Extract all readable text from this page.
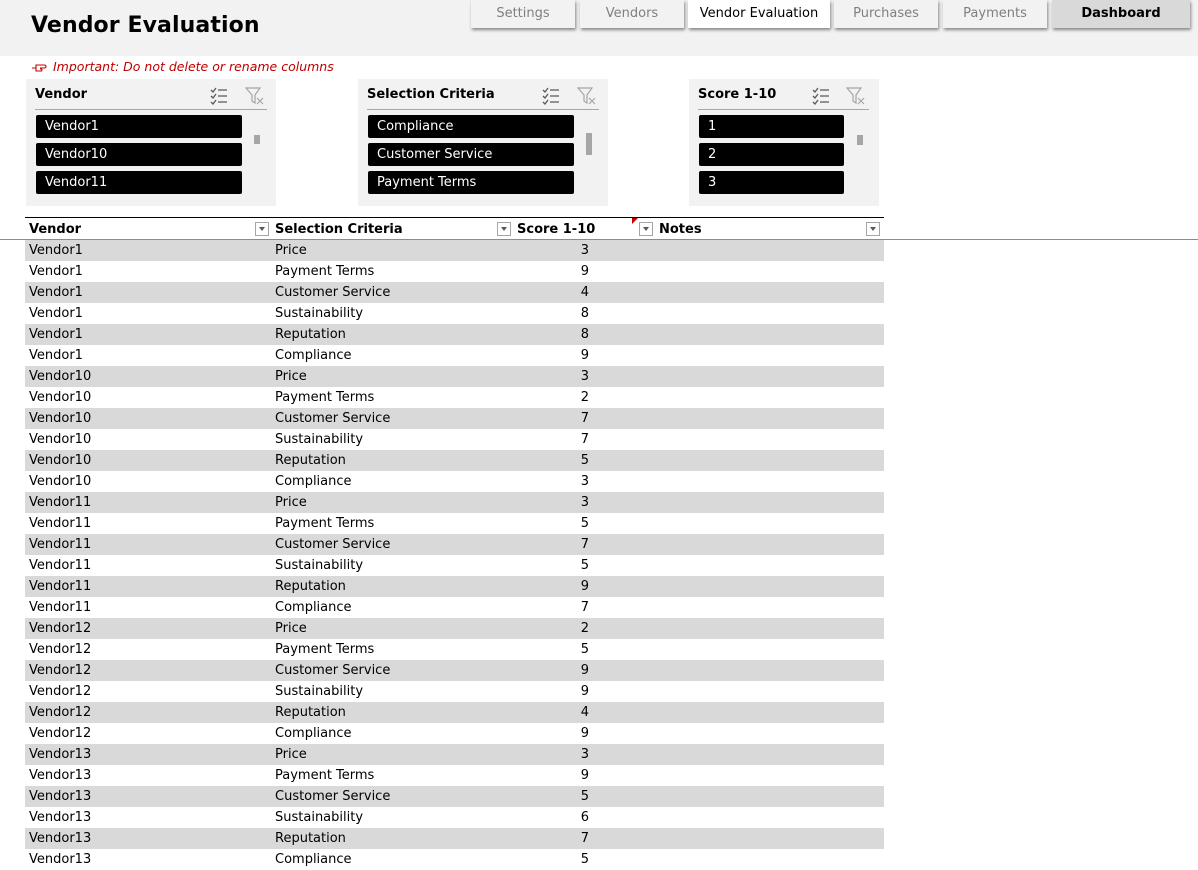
Vendor Evaluation	Settings	Vendors	Vendor Evaluation	Purchases	Payments	Dashboard
Important: Do not delete or rename columns
Vendor
Vendor1
Vendor10
Vendor11
Selection Criteria
Compliance
Customer Service
Payment Terms
Score 1-10
1
2
3
Vendor	Selection Criteria	Score 1-10	Notes
Vendor1	Price	3
Vendor1	Payment Terms	9
Vendor1	Customer Service	4
Vendor1	Sustainability	8
Vendor1	Reputation	8
Vendor1	Compliance	9
Vendor10	Price	3
Vendor10	Payment Terms	2
Vendor10	Customer Service	7
Vendor10	Sustainability	7
Vendor10	Reputation	5
Vendor10	Compliance	3
Vendor11	Price	3
Vendor11	Payment Terms	5
Vendor11	Customer Service	7
Vendor11	Sustainability	5
Vendor11	Reputation	9
Vendor11	Compliance	7
Vendor12	Price	2
Vendor12	Payment Terms	5
Vendor12	Customer Service	9
Vendor12	Sustainability	9
Vendor12	Reputation	4
Vendor12	Compliance	9
Vendor13	Price	3
Vendor13	Payment Terms	9
Vendor13	Customer Service	5
Vendor13	Sustainability	6
Vendor13	Reputation	7
Vendor13	Compliance	5
